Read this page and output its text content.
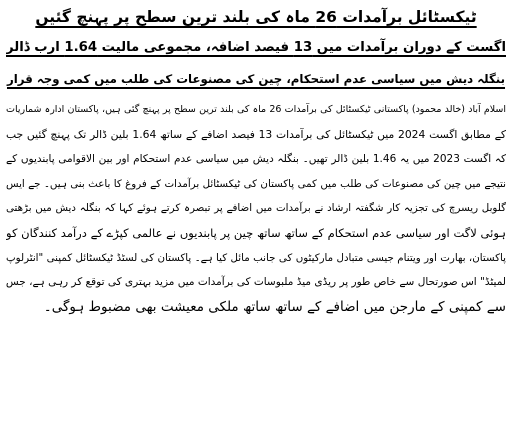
ٹیکسٹائل برآمدات 26 ماہ کی بلند ترین سطح پر پہنچ گئیں
اگست کے دوران برآمدات میں 13 فیصد اضافہ، مجموعی مالیت 1.64 ارب ڈالر
بنگلہ دیش میں سیاسی عدم استحکام، چین کی مصنوعات کی طلب میں کمی وجہ قرار
اسلام آباد (خالد محمود) پاکستانی ٹیکسٹائل کی برآمدات 26 ماہ کی بلند ترین سطح پر پہنچ گئی ہیں، پاکستان ادارہ شماریات
کے مطابق اگست 2024 میں ٹیکسٹائل کی برآمدات 13 فیصد اضافے کے ساتھ 1.64 بلین ڈالر تک پہنچ گئیں جب
کہ اگست 2023 میں یہ 1.46 بلین ڈالر تھیں۔ بنگلہ دیش میں سیاسی عدم استحکام اور بین الاقوامی پابندیوں کے
نتیجے میں چین کی مصنوعات کی طلب میں کمی پاکستان کی ٹیکسٹائل برآمدات کے فروغ کا باعث بنی ہیں۔ جے ایس
گلوبل ریسرچ کی تجزیہ کار شگفتہ ارشاد نے برآمدات میں اضافے پر تبصرہ کرتے ہوئے کہا کہ بنگلہ دیش میں بڑھتی
ہوئی لاگت اور سیاسی عدم استحکام کے ساتھ ساتھ چین پر پابندیوں نے عالمی کپڑے کے درآمد کنندگان کو
پاکستان، بھارت اور ویتنام جیسی متبادل مارکیٹوں کی جانب مائل کیا ہے۔ پاکستان کی لسٹڈ ٹیکسٹائل کمپنی "انٹرلوپ
لمیٹڈ" اس صورتحال سے خاص طور پر ریڈی میڈ ملبوسات کی برآمدات میں مزید بہتری کی توقع کر رہی ہے، جس
سے کمپنی کے مارجن میں اضافے کے ساتھ ساتھ ملکی معیشت بھی مضبوط ہوگی۔
